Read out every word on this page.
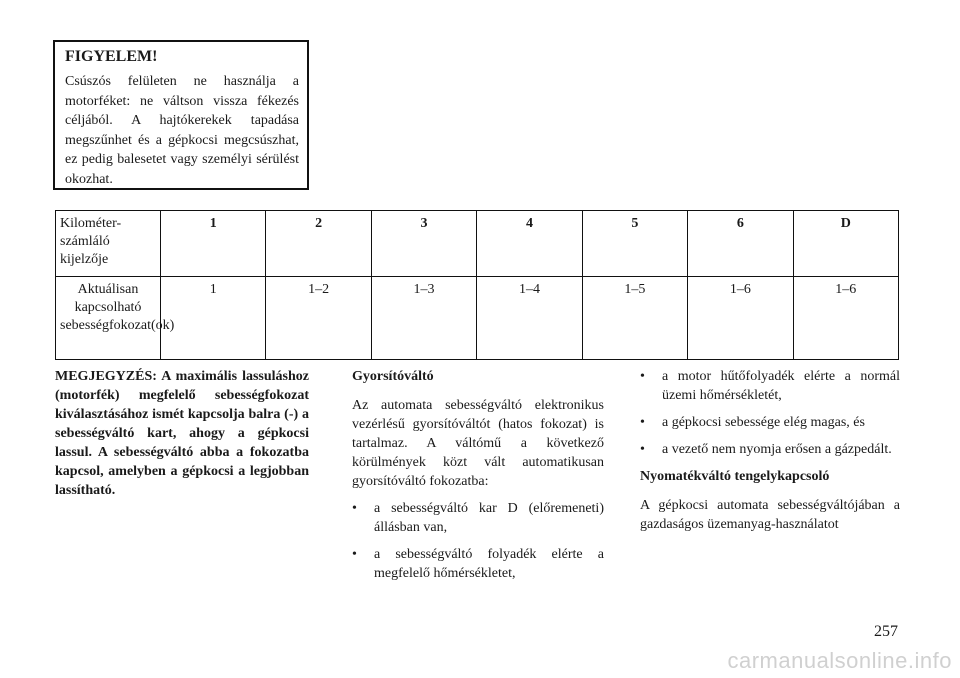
FIGYELEM!
Csúszós felületen ne használja a motorféket: ne váltson vissza fékezés céljából. A hajtókerekek tapadása megszűnhet és a gépkocsi megcsúszhat, ez pedig balesetet vagy személyi sérülést okozhat.
Kilométer-számláló kijelzője	1	2	3	4	5	6	D
Aktuálisan kapcsolható sebességfokozat(ok)	1	1–2	1–3	1–4	1–5	1–6	1–6
MEGJEGYZÉS: A maximális lassuláshoz (motorfék) megfelelő sebességfokozat kiválasztásához ismét kapcsolja balra (-) a sebességváltó kart, ahogy a gépkocsi lassul. A sebességváltó abba a fokozatba kapcsol, amelyben a gépkocsi a legjobban lassítható.
Gyorsítóváltó
Az automata sebességváltó elektronikus vezérlésű gyorsítóváltót (hatos fokozat) is tartalmaz. A váltómű a következő körülmények közt vált automatikusan gyorsítóváltó fokozatba:
• a sebességváltó kar D (előremeneti) állásban van,
• a sebességváltó folyadék elérte a megfelelő hőmérsékletet,
• a motor hűtőfolyadék elérte a normál üzemi hőmérsékletét,
• a gépkocsi sebessége elég magas, és
• a vezető nem nyomja erősen a gázpedált.
Nyomatékváltó tengelykapcsoló
A gépkocsi automata sebességváltójában a gazdaságos üzemanyag-használatot
257
carmanualsonline.info
